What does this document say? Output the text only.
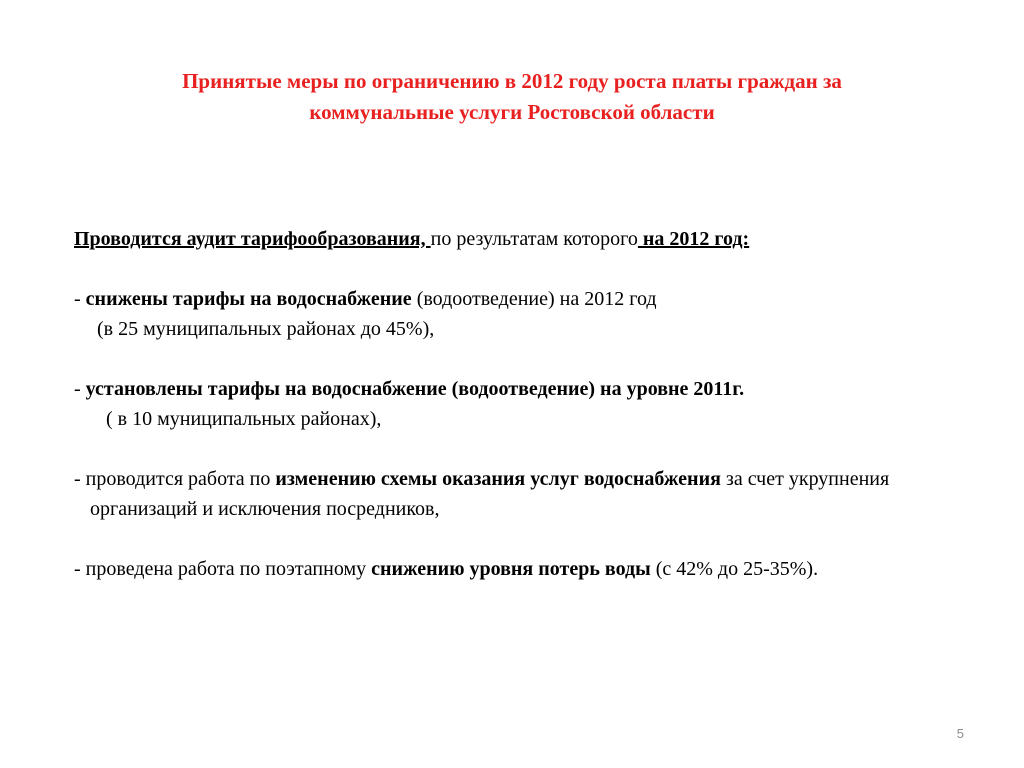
Принятые меры по ограничению в 2012 году роста платы граждан за
коммунальные услуги Ростовской области

Проводится аудит тарифообразования, по результатам которого на 2012 год:

- снижены тарифы на водоснабжение (водоотведение) на 2012 год
(в 25 муниципальных районах до 45%),

- установлены тарифы на водоснабжение (водоотведение) на уровне 2011г.
( в 10 муниципальных районах),

- проводится работа по изменению схемы оказания услуг водоснабжения за счет укрупнения организаций и исключения посредников,

- проведена работа по поэтапному снижению уровня потерь воды (с 42% до 25-35%).

5
